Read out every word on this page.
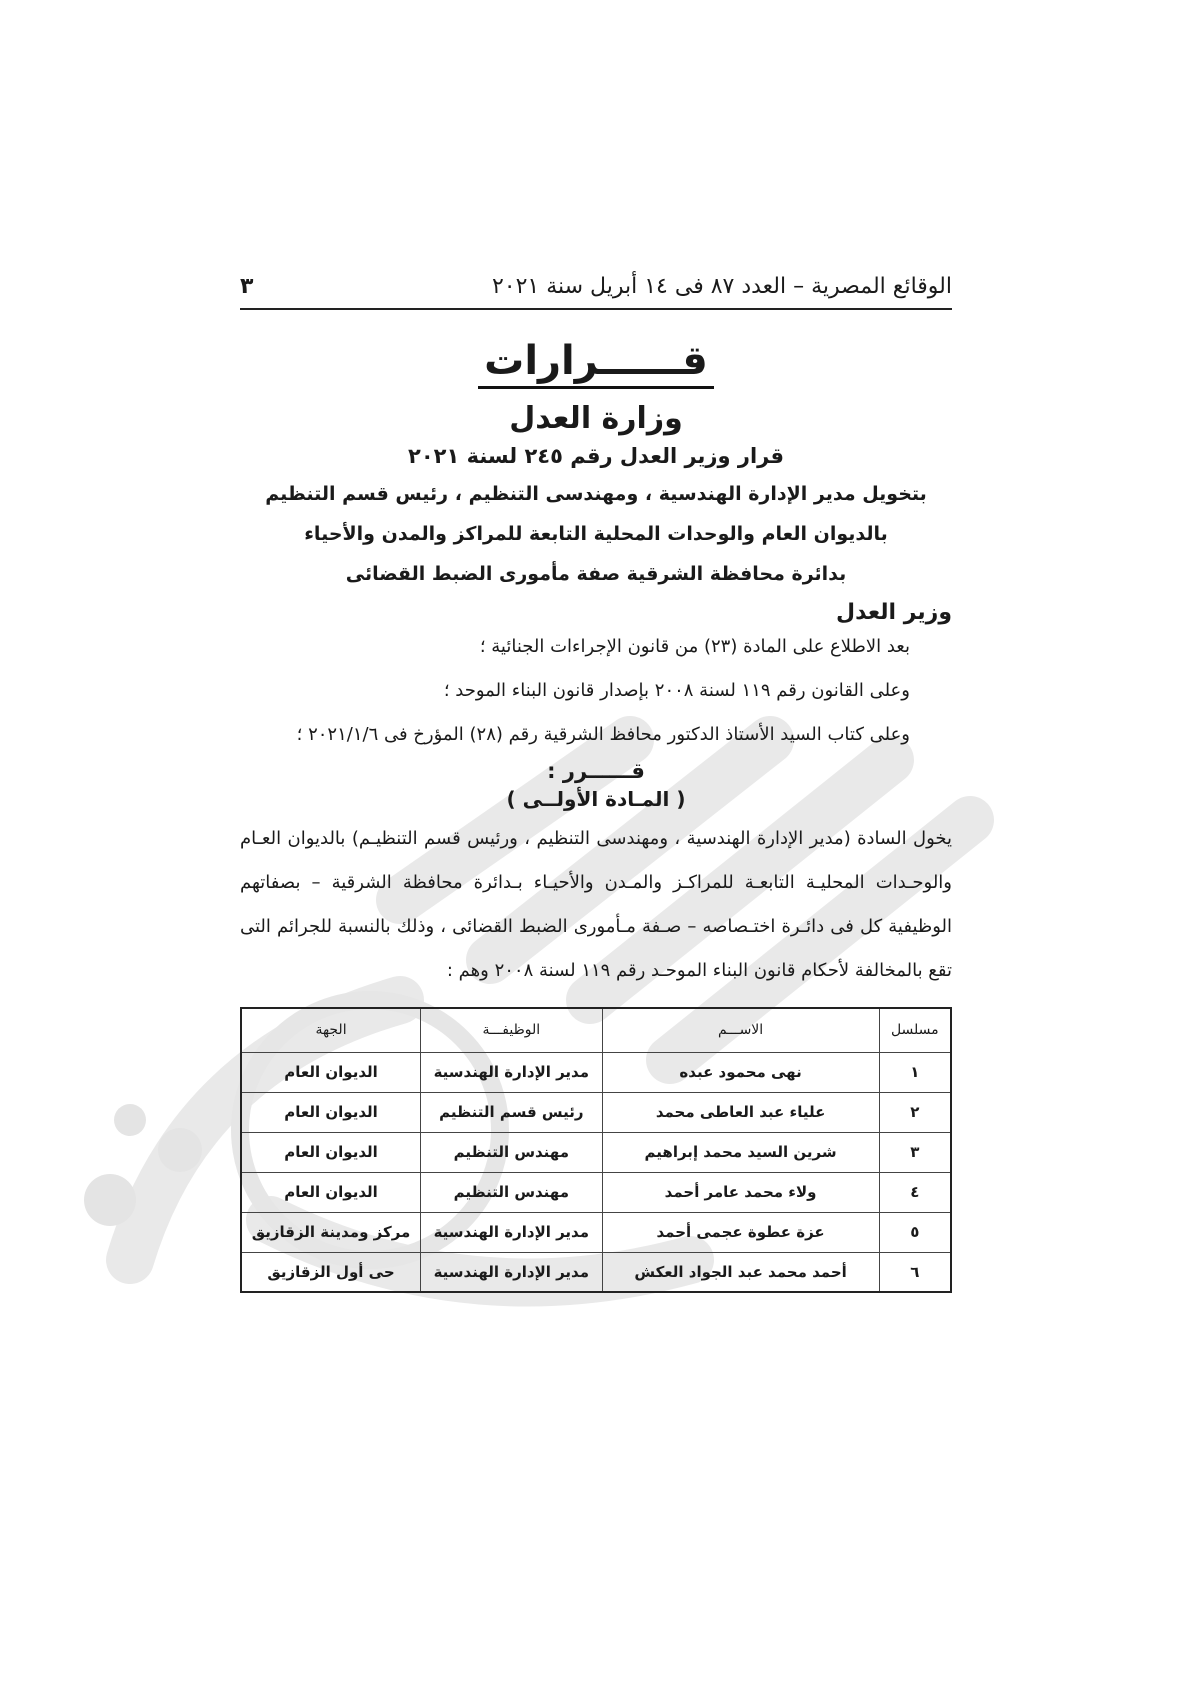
الوقائع المصرية – العدد ٨٧ فى ١٤ أبريل سنة ٢٠٢١
٣
قــــــرارات
وزارة العدل
قرار وزير العدل رقم ٢٤٥ لسنة ٢٠٢١
بتخويل مدير الإدارة الهندسية ، ومهندسى التنظيم ، رئيس قسم التنظيم
بالديوان العام والوحدات المحلية التابعة للمراكز والمدن والأحياء
بدائرة محافظة الشرقية صفة مأمورى الضبط القضائى
وزير العدل
بعد الاطلاع على المادة (٢٣) من قانون الإجراءات الجنائية ؛
وعلى القانون رقم ١١٩ لسنة ٢٠٠٨ بإصدار قانون البناء الموحد ؛
وعلى كتاب السيد الأستاذ الدكتور محافظ الشرقية رقم (٢٨) المؤرخ فى ٢٠٢١/١/٦ ؛
قــــــرر :
( المـادة الأولــى )
يخول السادة (مدير الإدارة الهندسية ، ومهندسى التنظيم ، ورئيس قسم التنظيـم) بالديوان العـام والوحـدات المحليـة التابعـة للمراكـز والمـدن والأحيـاء بـدائرة محافظة الشرقية – بصفاتهم الوظيفية كل فى دائـرة اختـصاصه – صـفة مـأمورى الضبط القضائى ، وذلك بالنسبة للجرائم التى تقع بالمخالفة لأحكام قانون البناء الموحـد رقم ١١٩ لسنة ٢٠٠٨ وهم :
مسلسل	الاســـم	الوظيفـــة	الجهة
١	نهى محمود عبده	مدير الإدارة الهندسية	الديوان العام
٢	علياء عبد العاطى محمد	رئيس قسم التنظيم	الديوان العام
٣	شرين السيد محمد إبراهيم	مهندس التنظيم	الديوان العام
٤	ولاء محمد عامر أحمد	مهندس التنظيم	الديوان العام
٥	عزة عطوة عجمى أحمد	مدير الإدارة الهندسية	مركز ومدينة الزقازيق
٦	أحمد محمد عبد الجواد العكش	مدير الإدارة الهندسية	حى أول الزقازيق
